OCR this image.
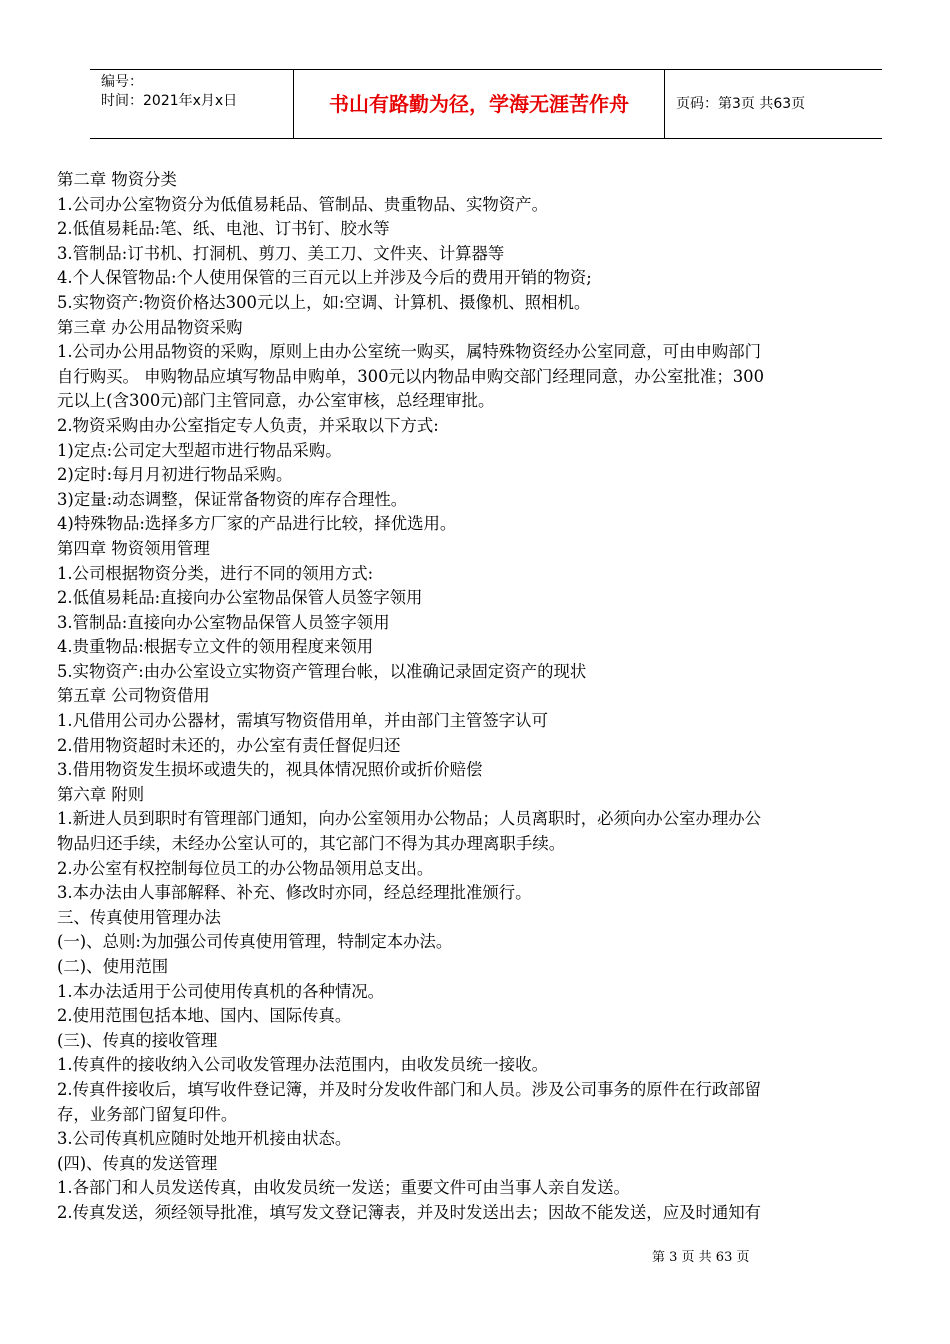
编号：
时间：2021年x月x日	书山有路勤为径，学海无涯苦作舟	页码：第3页 共63页
第二章 物资分类
1.公司办公室物资分为低值易耗品、管制品、贵重物品、实物资产。
2.低值易耗品:笔、纸、电池、订书钉、胶水等
3.管制品:订书机、打洞机、剪刀、美工刀、文件夹、计算器等
4.个人保管物品:个人使用保管的三百元以上并涉及今后的费用开销的物资;
5.实物资产:物资价格达300元以上，如:空调、计算机、摄像机、照相机。
第三章 办公用品物资采购
1.公司办公用品物资的采购，原则上由办公室统一购买，属特殊物资经办公室同意，可由申购部门
自行购买。 申购物品应填写物品申购单，300元以内物品申购交部门经理同意，办公室批准；300
元以上(含300元)部门主管同意，办公室审核，总经理审批。
2.物资采购由办公室指定专人负责，并采取以下方式:
1)定点:公司定大型超市进行物品采购。
2)定时:每月月初进行物品采购。
3)定量:动态调整，保证常备物资的库存合理性。
4)特殊物品:选择多方厂家的产品进行比较，择优选用。
第四章 物资领用管理
1.公司根据物资分类，进行不同的领用方式:
2.低值易耗品:直接向办公室物品保管人员签字领用
3.管制品:直接向办公室物品保管人员签字领用
4.贵重物品:根据专立文件的领用程度来领用
5.实物资产:由办公室设立实物资产管理台帐，以准确记录固定资产的现状
第五章 公司物资借用
1.凡借用公司办公器材，需填写物资借用单，并由部门主管签字认可
2.借用物资超时未还的，办公室有责任督促归还
3.借用物资发生损坏或遗失的，视具体情况照价或折价赔偿
第六章 附则
1.新进人员到职时有管理部门通知，向办公室领用办公物品；人员离职时，必须向办公室办理办公
物品归还手续，未经办公室认可的，其它部门不得为其办理离职手续。
2.办公室有权控制每位员工的办公物品领用总支出。
3.本办法由人事部解释、补充、修改时亦同，经总经理批准颁行。
三、传真使用管理办法
(一)、总则:为加强公司传真使用管理，特制定本办法。
(二)、使用范围
1.本办法适用于公司使用传真机的各种情况。
2.使用范围包括本地、国内、国际传真。
(三)、传真的接收管理
1.传真件的接收纳入公司收发管理办法范围内，由收发员统一接收。
2.传真件接收后，填写收件登记簿，并及时分发收件部门和人员。涉及公司事务的原件在行政部留
存，业务部门留复印件。
3.公司传真机应随时处地开机接由状态。
(四)、传真的发送管理
1.各部门和人员发送传真，由收发员统一发送；重要文件可由当事人亲自发送。
2.传真发送，须经领导批准，填写发文登记簿表，并及时发送出去；因故不能发送，应及时通知有
第 3 页 共 63 页
